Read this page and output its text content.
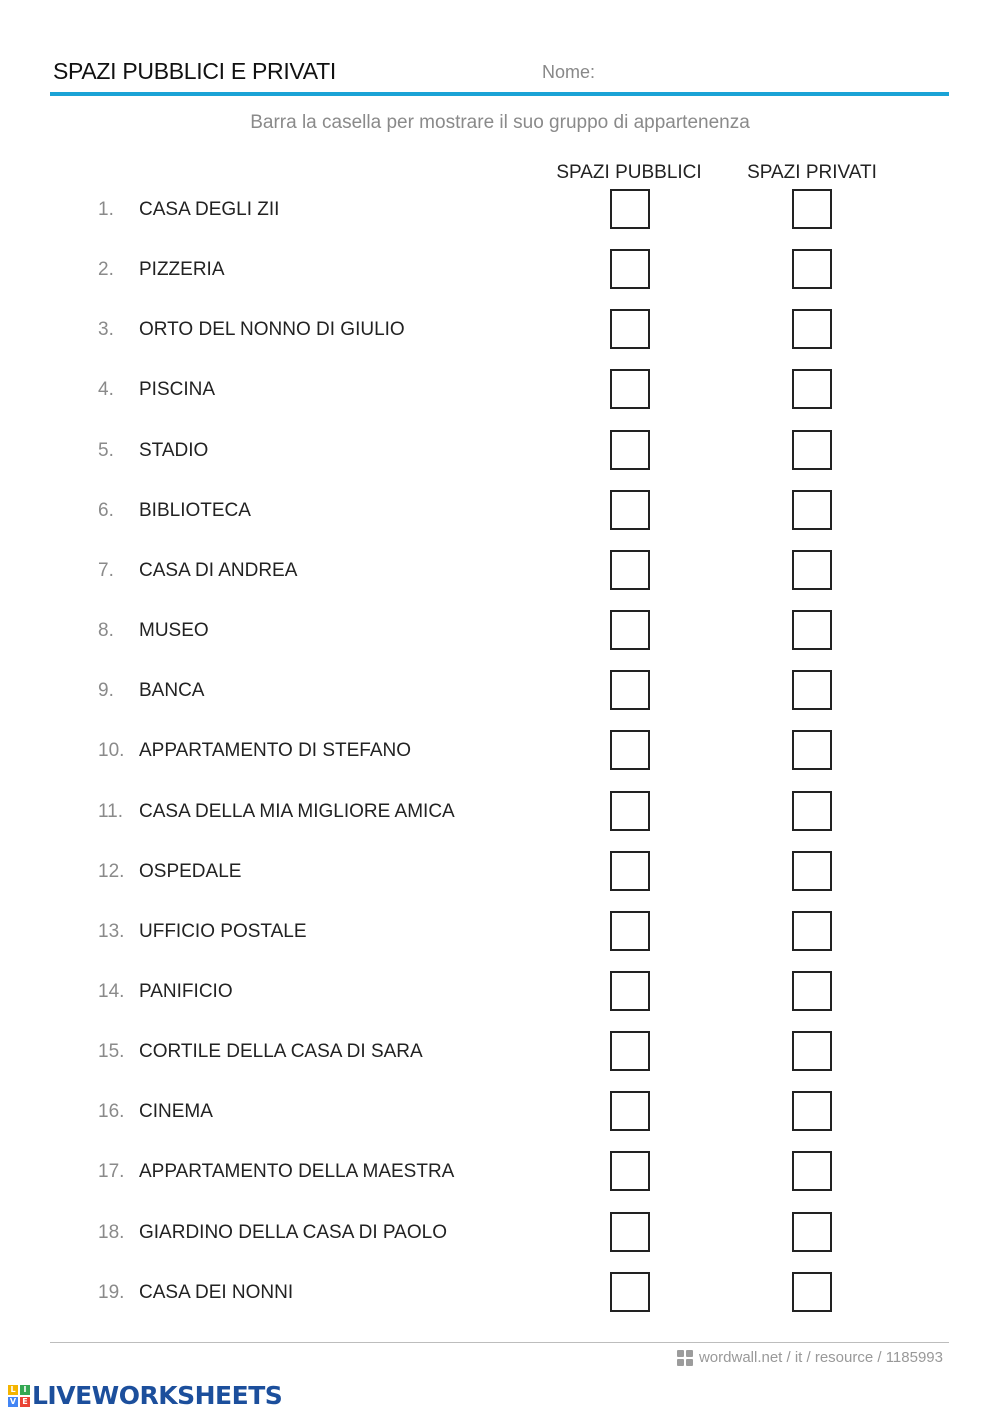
SPAZI PUBBLICI E PRIVATI	Nome:
Barra la casella per mostrare il suo gruppo di appartenenza
SPAZI PUBBLICI	SPAZI PRIVATI
1. CASA DEGLI ZII
2. PIZZERIA
3. ORTO DEL NONNO DI GIULIO
4. PISCINA
5. STADIO
6. BIBLIOTECA
7. CASA DI ANDREA
8. MUSEO
9. BANCA
10. APPARTAMENTO DI STEFANO
11. CASA DELLA MIA MIGLIORE AMICA
12. OSPEDALE
13. UFFICIO POSTALE
14. PANIFICIO
15. CORTILE DELLA CASA DI SARA
16. CINEMA
17. APPARTAMENTO DELLA MAESTRA
18. GIARDINO DELLA CASA DI PAOLO
19. CASA DEI NONNI
wordwall.net / it / resource / 1185993
L I
V E LIVEWORKSHEETS
